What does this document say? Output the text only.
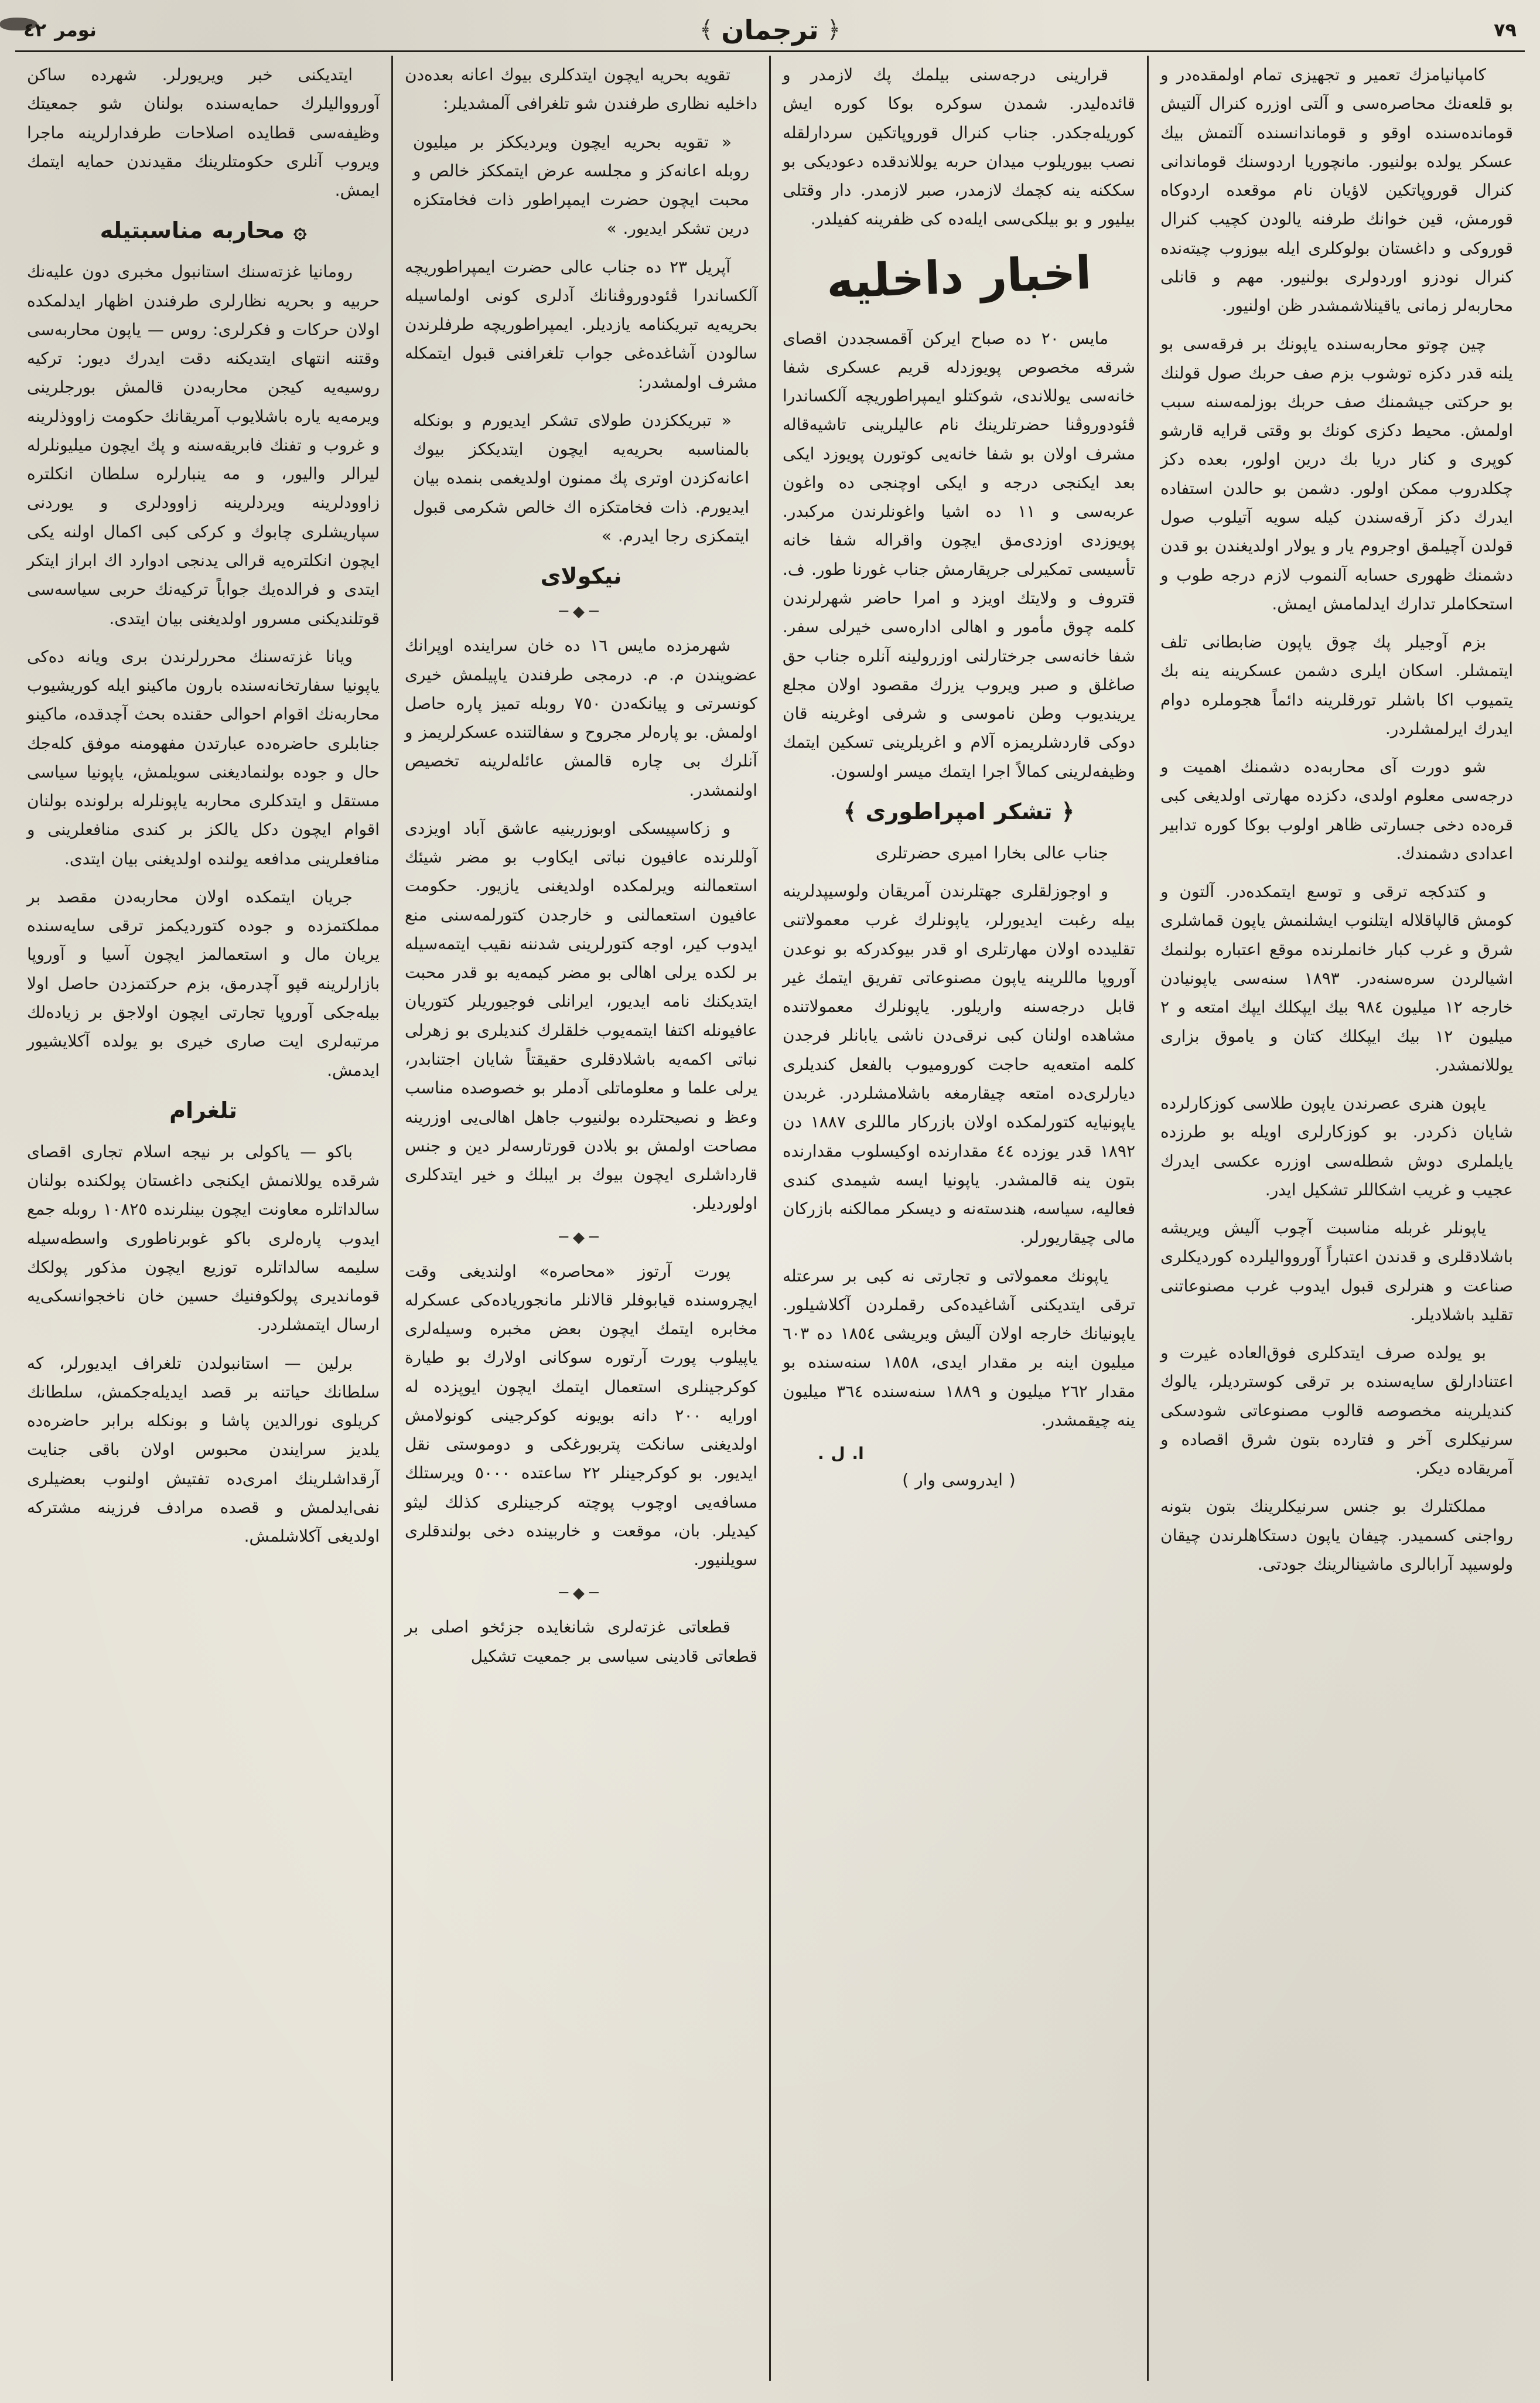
٧٩
﴿
ترجمان
﴾
نومر
٤٢

كامپانيامزك تعمير و تجهيزی تمام اولمقده‌در و بو قلعه‌نك محاصره‌سی و آلتی اوزره كنرال آلتيش قوماندەسنده اوقو و قوماندانسنده آلتمش بيك عسكر يولده بولنيور. مانچوريا اردوسنك قوماندانی كنرال قوروپاتكين لاؤيان نام موقعده اردوكاه قورمش، قين خوانك طرفنه يالودن كچيب كنرال قوروكی و داغستان بولوكلری ايله بيوزوب چيتەنده كنرال نودزو اوردولری بولنيور. مهم و قانلی محاربه‌لر زمانی ياقينلاشمشدر ظن اولنيور.

چين چوتو محاربه‌سنده ياپونك بر فرقه‌سی بو يلنه قدر دكزه توشوب بزم صف حربك صول قولنك بو حركتی جيشمنك صف حربك بوزلمه‌سنه سبب اولمش. محيط دكزی كونك بو وقتی قرايه قارشو كوپری و كنار دريا بك درين اولور، بعده دكز چكلدروب ممكن اولور. دشمن بو حالدن استفاده ايدرك دكز آرقه‌سندن كيله سويه آتيلوب صول قولدن آچيلمق اوجروم يار و يولار اولديغندن بو قدن دشمنك ظهوری حسابه آلنموب لازم درجه طوب و استحكاملر تدارك ايدلمامش ايمش.

بزم آوجيلر پك چوق ياپون ضابطانی تلف ايتمشلر. اسكان ايلری دشمن عسكرينه ينه بك يتميوب اكا باشلر تورقلرينه دائماً هجوملره دوام ايدرك ايرلمشلردر.

شو دورت آی محاربه‌ده دشمنك اهميت و درجه‌سی معلوم اولدی، دكزده مهارتی اولديغی كبی قرەده دخی جسارتی ظاهر اولوب بوكا كوره تدابير اعدادی دشمندك.

و كتدكجه ترقی و توسع ايتمكدەدر. آلتون و كومش قالپاقلاله ايتلنوب ايشلنمش ياپون قماشلری شرق و غرب كبار خانملرنده موقع اعتباره بولنمك اشيالردن سره‌سنه‌در. ١٨٩٣ سنه‌سی ياپونيادن خارجه ١٢ ميليون ٩٨٤ بيك ايپكلك ايپك امتعه و ٢ ميليون ١٢ بيك ايپكلك كتان و ياموق بزاری يوللانمشدر.

ياپون هنری عصرندن ياپون طلاسی كوزكارلرده شايان ذكردر. بو كوزكارلری اويله بو طرزده يايلملری دوش شطلەسی اوزره عكسی ايدرك عجيب و غريب اشكاللر تشكيل ايدر.

ياپونلر غربله مناسبت آچوب آليش ويريشه باشلادقلری و قدندن اعتباراً آوروواليلرده كورديكلری صناعت و هنرلری قبول ايدوب غرب مصنوعاتنی تقليد باشلاديلر.

بو يولده صرف ايتدكلری فوق‌العاده غيرت و اعتنادارلق سايه‌سنده بر ترقی كوستردیلر، يالوك كنديلرينه مخصوصه قالوب مصنوعاتی شودسكی سرنيكلری آخر و فتارده بتون شرق اقصاده و آمريقاده ديكر.

مملكتلرك بو جنس سرنيكلرينك بتون بتونه رواجنی كسمیدر. چيفان ياپون دستكاهلرندن چيقان ولوسيپد آرابالری ماشينالرينك جودتی.

قرارينی درجه‌سنی بيلمك پك لازمدر و قائده‌ليدر. شمدن سوكره بوكا كوره ايش كوريله‌جكدر. جناب كنرال قوروپاتكين سردارلقله نصب بيوريلوب ميدان حربه يوللاندقده دعوديكی بو سككنه ينه كچمك لازمدر، صبر لازمدر. دار وقتلی بيليور و بو بيلكی‌سی ايله‌ده كی ظفرينه كفيلدر.

اخبار داخليه

مايس ٢٠ ده صباح ايركن آقمسجددن اقصای شرقه مخصوص پويوزدله قريم عسكری شفا خانه‌سی يوللاندی، شوكتلو ايمپراطوريچه آلكساندرا ڤئودوروڤنا حضرتلرينك نام عاليلرينی تاشيه‌قاله مشرف اولان بو شفا خانه‌يی كوتورن پويوزد ايكی بعد ايكنجی درجه و ايكی اوچنجی ده واغون عربه‌سی و ١١ ده اشيا واغونلرندن مركبدر. پويوزدی اوزدی‌مق ايچون واقراله شفا خانه تأسيسی تمكيرلی جرپقارمش جناب غورنا طور. ف. قتروف و ولايتك اويزد و امرا حاضر شهرلرندن كلمه چوق مأمور و اهالی اداره‌سی خيرلی سفر. شفا خانه‌سی جرختارلنی اوزرولينه آنلره جناب حق صاغلق و صبر ويروب يزرك مقصود اولان مجلع يرينديوب وطن ناموسی و شرفی اوغرينه قان دوكی قاردشلريمزه آلام و اغريلرينی تسكين ايتمك وظيفه‌لرينی كمالاً اجرا ايتمك ميسر اولسون.

﴿ تشكر امپراطوری ﴾

جناب عالی بخارا اميری حضرتلری

و اوجوزلقلری جهتلرندن آمريقان ولوسيپدلرينه بيله رغبت ايديورلر، ياپونلرك غرب معمولاتنی تقليدده اولان مهارتلری او قدر بيوكدركه بو نوعدن آوروپا ماللرينه ياپون مصنوعاتی تفريق ايتمك غير قابل درجه‌سنه واريلور. ياپونلرك معمولاتنده مشاهده اولنان كبی نرقی‌دن ناشی يابانلر فرجدن كلمه امتعه‌يه حاجت كوروميوب بالفعل كنديلری ديارلرى‌ده امتعه چيقارمغه باشلامشلردر. غربدن ياپونيايه كتورلمكده اولان بازركار ماللری ١٨٨٧ دن ١٨٩٢ قدر يوزده ٤٤ مقدارنده اوكيسلوب مقدارنده بتون ينه قالمشدر. ياپونيا ايسه شيمدی كندی فعاليه، سياسه، هندسته‌نه و ديسكر ممالكنه بازركان مالی چيقاريورلر.

ياپونك معمولاتی و تجارتی نه كبی بر سرعتله ترقی ايتديكنی آشاغيده‌كی رقملردن آكلاشيلور. ياپونيانك خارجه اولان آليش ويريشی ١٨٥٤ ده ٦٠٣ ميليون اينه بر مقدار ايدی، ١٨٥٨ سنه‌سنده بو مقدار ٢٦٢ ميليون و ١٨٨٩ سنه‌سنده ٣٦٤ ميليون ينه چيقمشدر.

ا. ل .
( ايدروسی وار )

تقويه بحريه ايچون ايتدكلری بيوك اعانه بعده‌دن داخليه نظاری طرفندن شو تلغرافی آلمشديلر:

« تقويه بحريه ايچون ويرديككز بر ميليون روبله اعانه‌كز و مجلسه عرض ايتمككز خالص و محبت ايچون حضرت ايمپراطور ذات فخامتكزه درين تشكر ايديور. »

آپريل ٢٣ ده جناب عالی حضرت ايمپراطوريچه آلكساندرا ڤئودوروڤنانك آدلری كونی اولماسيله بحريه‌يه تبريكنامه يازديلر. ايمپراطوريچه طرفلرندن سالودن آشاغده‌غی جواب تلغرافنی قبول ايتمكله مشرف اولمشدر:

« تبريككزدن طولای تشكر ايديورم و بونكله بالمناسبه بحريه‌يه ايچون ايتديككز بيوك اعانه‌كزدن اوتری پك ممنون اولديغمی بنمده بيان ايديورم. ذات فخامتكزه اك خالص شكرمی قبول ايتمكزی رجا ايدرم. »

نيكولای
─◆─

شهرمزده مايس ١٦ ده خان سراينده اوپرانك عضويندن م. م. درمجی طرفندن ياپيلمش خيری كونسرتی و پيانكه‌دن ٧٥٠ روبله تميز پاره حاصل اولمش. بو پاره‌لر مجروح و سفالتنده عسكرلريمز و آنلرك بی چاره قالمش عائله‌لرينه تخصيص اولنمشدر.

و زكاسپيسكی اوبوزرينيه عاشق آباد اويزدی آوللرنده عافيون نباتی ايكاوب بو مضر شيئك استعمالنه ويرلمكده اولديغنی يازيور. حكومت عافيون استعمالنی و خارجدن كتورلمه‌سنی منع ايدوب كير، اوجه كتورلرينی شدننه نقيب ايتمه‌سيله بر لكده يرلی اهالی بو مضر كيمه‌يه بو قدر محبت ايتديكنك نامه ايديور، ايرانلی فوجيوريلر كتوريان عافيونله اكتفا ايتمه‌يوب خلقلرك كنديلری بو زهرلی نباتی اكمه‌يه باشلادقلری حقيقتاً شايان اجتنابدر، يرلی علما و معلوماتلی آدملر بو خصوصده مناسب وعظ و نصيحتلرده بولنيوب جاهل اهالی‌يی اوزرينه مصاحت اولمش بو بلادن قورتارسه‌لر دين و جنس قارداشلری ايچون بيوك بر ايبلك و خير ايتدكلری اولورديلر.

─◆─

پورت آرتوز «محاصره‌» اولنديغی وقت ايچروسنده قيابوفلر قالانلر مانجورياده‌كی عسكرله مخابره ايتمك ايچون بعض مخبره وسيله‌لری ياپيلوب پورت آرتوره سوكانی اولارك بو طيارة كوكرجينلری استعمال ايتمك ايچون ايوپزده له اورايه ٢٠٠ دانه بويونه كوكرجينی كونولامش اولديغنی سانكت پتربورغكی و دوموستی نقل ايديور. بو كوكرجينلر ٢٢ ساعتده ٥٠٠٠ ويرستلك مسافه‌يی اوچوب پوچته كرجينلری كذلك ليثو كيديلر. بان، موقعت و خاربينده دخی بولندقلری سويلنيور.

─◆─

قطعاتی غزته‌لری شانغايده جزئخو اصلی بر قطعاتی قادينی سياسی بر جمعيت تشكيل

ايتديكنی خبر ويريورلر. شهرده ساكن آوروواليلرك حمايه‌سنده بولنان شو جمعيتك وظيفه‌سی قطايده اصلاحات طرفدارلرينه ماجرا ويروب آنلری حكومتلرينك مقيدندن حمايه ايتمك ايمش.

۞ محاربه مناسبتيله

رومانيا غزته‌سنك استانبول مخبری دون عليه‌نك حربيه و بحريه نظارلری طرفندن اظهار ايدلمكده اولان حركات و فكرلری: روس — ياپون محاربه‌سی وقتنه انتهای ايتديكنه دقت ايدرك ديور: تركيه روسيه‌يه كيجن محاربه‌دن قالمش بورجلرينی ويرمه‌يه ياره باشلايوب آمريقانك حكومت زاووذلرينه و غروب و تفنك فابريقه‌سنه و پك ايچون ميليونلرله ليرالر واليور، و مه ينبارلره سلطان انكلتره زاوودلرينه ويردلرينه زاوودلری و يوردنی سپاريشلری چابوك و كركی كبی اكمال اولنه يكی ايچون انكلتره‌يه قرالی يدنجی ادوارد اك ابراز ايتكر ايتدی و فرالده‌يك جواباً تركيه‌نك حربی سياسه‌سی قوتلنديكنی مسرور اولديغنی بيان ايتدی.

ويانا غزته‌سنك محررلرندن بری ويانه ده‌كی ياپونيا سفارتخانه‌سنده بارون ماكينو ايله كوريشيوب محاربه‌نك اقوام احوالی حقنده بحث آچدقده، ماكينو جنابلری حاضره‌ده عبارتدن مفهومنه موفق كله‌جك حال و جوده بولنمادیغنی سويلمش، ياپونيا سياسی مستقل و ايتدكلری محاربه ياپونلرله برلونده بولنان اقوام ايچون دكل يالكز بر كندی منافعلرينی و منافعلرينی مدافعه يولنده اولديغنی بيان ايتدی.

جريان ايتمكده اولان محاربه‌دن مقصد بر مملكتمزده و جوده كتورديكمز ترقی سايه‌سنده يريان مال و استعمالمز ايچون آسيا و آوروپا بازارلرينه قپو آچدرمق، بزم حركتمزدن حاصل اولا بيله‌جكی آوروپا تجارتی ايچون اولاجق بر زياده‌لك مرتبه‌لری ايت صاری خيری بو يولده آكلايشيور ايدمش.

تلغرام

باكو — ياكولی بر نيجه اسلام تجاری اقصای شرقده يوللانمش ايكنجی داغستان پولكنده بولنان سالداتلره معاونت ايچون بينلرنده ١٠٨٢٥ روبله جمع ايدوب پاره‌لری باكو غوبرناطوری واسطه‌سيله سليمه سالداتلره توزيع ايچون مذكور پولكك قومانديری پولكوفنيك حسين خان ناخجوانسكی‌يه ارسال ايتمشلردر.

برلين — استانبولدن تلغراف ايديورلر، كه سلطانك حياتنه بر قصد ايديله‌جكمش، سلطانك كريلوی نورالدين پاشا و بونكله برابر حاضره‌ده يلديز سرايندن محبوس اولان باقی جنايت آرقداشلرينك امری‌ده تفتيش اولنوب بعضيلری نفی‌ايدلمش و قصده مرادف فرزينه مشتركه اولديغی آكلاشلمش.
